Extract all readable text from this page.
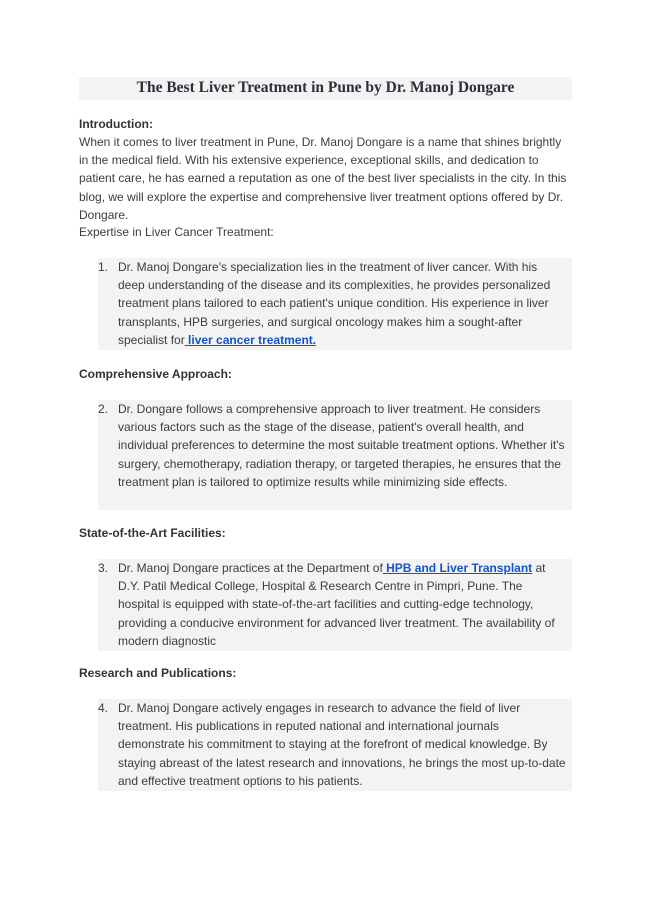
The Best Liver Treatment in Pune by Dr. Manoj Dongare
Introduction:
When it comes to liver treatment in Pune, Dr. Manoj Dongare is a name that shines brightly in the medical field. With his extensive experience, exceptional skills, and dedication to patient care, he has earned a reputation as one of the best liver specialists in the city. In this blog, we will explore the expertise and comprehensive liver treatment options offered by Dr. Dongare.
Expertise in Liver Cancer Treatment:
1. Dr. Manoj Dongare's specialization lies in the treatment of liver cancer. With his deep understanding of the disease and its complexities, he provides personalized treatment plans tailored to each patient's unique condition. His experience in liver transplants, HPB surgeries, and surgical oncology makes him a sought-after specialist for liver cancer treatment.
Comprehensive Approach:
2. Dr. Dongare follows a comprehensive approach to liver treatment. He considers various factors such as the stage of the disease, patient's overall health, and individual preferences to determine the most suitable treatment options. Whether it's surgery, chemotherapy, radiation therapy, or targeted therapies, he ensures that the treatment plan is tailored to optimize results while minimizing side effects.
State-of-the-Art Facilities:
3. Dr. Manoj Dongare practices at the Department of HPB and Liver Transplant at D.Y. Patil Medical College, Hospital & Research Centre in Pimpri, Pune. The hospital is equipped with state-of-the-art facilities and cutting-edge technology, providing a conducive environment for advanced liver treatment. The availability of modern diagnostic
Research and Publications:
4. Dr. Manoj Dongare actively engages in research to advance the field of liver treatment. His publications in reputed national and international journals demonstrate his commitment to staying at the forefront of medical knowledge. By staying abreast of the latest research and innovations, he brings the most up-to-date and effective treatment options to his patients.
